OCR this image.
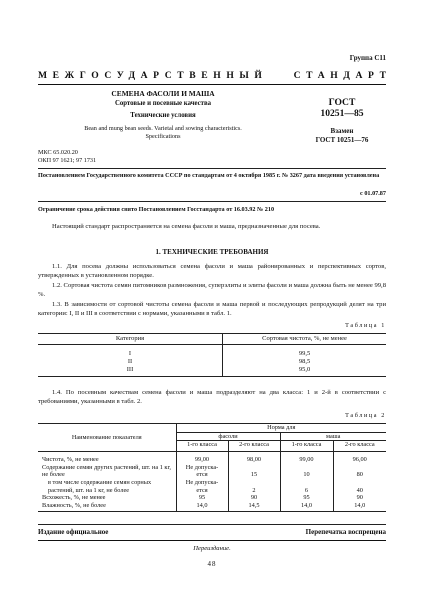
Группа С11
МЕЖГОСУДАРСТВЕННЫЙ	СТАНДАРТ
СЕМЕНА ФАСОЛИ И МАША
Сортовые и посевные качества
Технические условия
Bean and mung bean seeds. Varietal and sowing characteristics.
Specifications
ГОСТ
10251—85
Взамен
ГОСТ 10251—76
МКС 65.020.20
ОКП 97 1621; 97 1731
Постановлением Государственного комитета СССР по стандартам от 4 октября 1985 г. № 3267 дата введения установлена
с 01.07.87
Ограничение срока действия снято Постановлением Госстандарта от 16.03.92 № 210

Настоящий стандарт распространяется на семена фасоли и маша, предназначенные для посева.

1. ТЕХНИЧЕСКИЕ ТРЕБОВАНИЯ

1.1. Для посева должны использоваться семена фасоли и маша районированных и перспективных сортов, утвержденных в установленном порядке.

1.2. Сортовая чистота семян питомников размножения, суперэлиты и элиты фасоли и маша должна быть не менее 99,8 %.

1.3. В зависимости от сортовой чистоты семена фасоли и маша первой и последующих репродукций делят на три категории: I, II и III в соответствии с нормами, указанными в табл. 1.

Таблица 1
Категория	Сортовая чистота, %, не менее

I	99,5
II	98,5
III	95,0

1.4. По посевным качествам семена фасоли и маша подразделяют на два класса: 1 и 2-й в соответствии с требованиями, указанными в табл. 2.

Таблица 2
Наименование показателя	Норма для			
	фасоли		маша	
	1-го класса	2-го класса	1-го класса	2-го класса

Чистота, %, не менее	99,00	98,00	99,00	96,00
Содержание семян других растений, шт. на 1 кг, не более	Не допуска-
ется	15	10	80
в том числе содержание семян сорных растений, шт. на 1 кг, не более	Не допуска-
ется	2	6	40
Всхожесть, %, не менее	95	90	95	90
Влажность, %, не более	14,0	14,5	14,0	14,0
Издание официальное	Перепечатка воспрещена
Переиздание.
48
